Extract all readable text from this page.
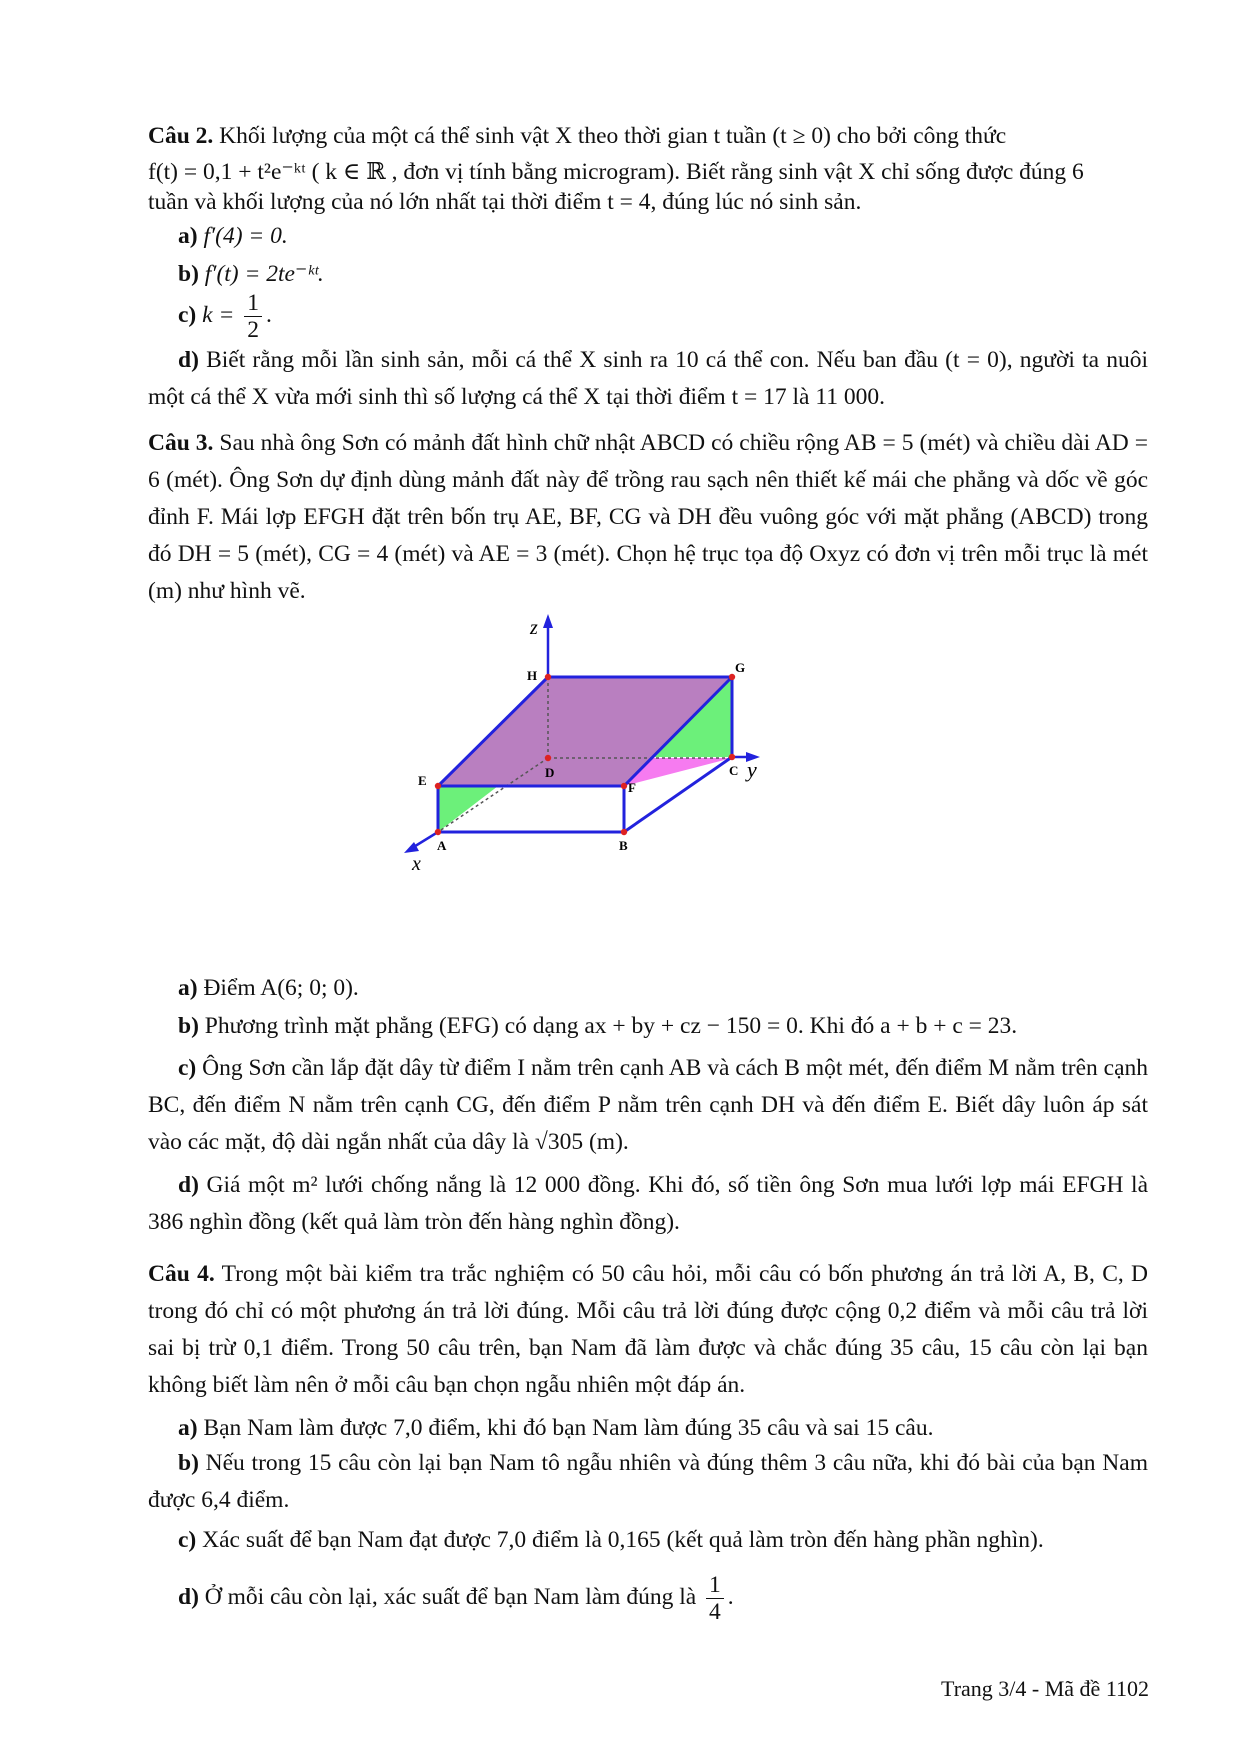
Câu 2. Khối lượng của một cá thể sinh vật X theo thời gian t tuần (t ≥ 0) cho bởi công thức
f(t) = 0,1 + t²e⁻ᵏᵗ ( k ∈ ℝ , đơn vị tính bằng microgram). Biết rằng sinh vật X chỉ sống được đúng 6
tuần và khối lượng của nó lớn nhất tại thời điểm t = 4, đúng lúc nó sinh sản.
a) f′(4) = 0.
b) f′(t) = 2te⁻ᵏᵗ.
c) $k = \frac{1}{2}$ .
d) Biết rằng mỗi lần sinh sản, mỗi cá thể X sinh ra 10 cá thể con. Nếu ban đầu (t = 0), người ta nuôi một cá thể X vừa mới sinh thì số lượng cá thể X tại thời điểm t = 17 là 11 000.
Câu 3. Sau nhà ông Sơn có mảnh đất hình chữ nhật ABCD có chiều rộng AB = 5 (mét) và chiều dài AD = 6 (mét). Ông Sơn dự định dùng mảnh đất này để trồng rau sạch nên thiết kế mái che phẳng và dốc về góc đỉnh F. Mái lợp EFGH đặt trên bốn trụ AE, BF, CG và DH đều vuông góc với mặt phẳng (ABCD) trong đó DH = 5 (mét), CG = 4 (mét) và AE = 3 (mét). Chọn hệ trục tọa độ Oxyz có đơn vị trên mỗi trục là mét (m) như hình vẽ.
z
H
G
D	C y
E	F
A	B
x
a) Điểm A(6; 0; 0).
b) Phương trình mặt phẳng (EFG) có dạng ax + by + cz − 150 = 0. Khi đó a + b + c = 23.
c) Ông Sơn cần lắp đặt dây từ điểm I nằm trên cạnh AB và cách B một mét, đến điểm M nằm trên cạnh BC, đến điểm N nằm trên cạnh CG, đến điểm P nằm trên cạnh DH và đến điểm E. Biết dây luôn áp sát vào các mặt, độ dài ngắn nhất của dây là √305 (m).
d) Giá một m² lưới chống nắng là 12 000 đồng. Khi đó, số tiền ông Sơn mua lưới lợp mái EFGH là 386 nghìn đồng (kết quả làm tròn đến hàng nghìn đồng).
Câu 4. Trong một bài kiểm tra trắc nghiệm có 50 câu hỏi, mỗi câu có bốn phương án trả lời A, B, C, D trong đó chỉ có một phương án trả lời đúng. Mỗi câu trả lời đúng được cộng 0,2 điểm và mỗi câu trả lời sai bị trừ 0,1 điểm. Trong 50 câu trên, bạn Nam đã làm được và chắc đúng 35 câu, 15 câu còn lại bạn không biết làm nên ở mỗi câu bạn chọn ngẫu nhiên một đáp án.
a) Bạn Nam làm được 7,0 điểm, khi đó bạn Nam làm đúng 35 câu và sai 15 câu.
b) Nếu trong 15 câu còn lại bạn Nam tô ngẫu nhiên và đúng thêm 3 câu nữa, khi đó bài của bạn Nam được 6,4 điểm.
c) Xác suất để bạn Nam đạt được 7,0 điểm là 0,165 (kết quả làm tròn đến hàng phần nghìn).
d) Ở mỗi câu còn lại, xác suất để bạn Nam làm đúng là $\frac{1}{4}$ .
Trang 3/4 - Mã đề 1102
